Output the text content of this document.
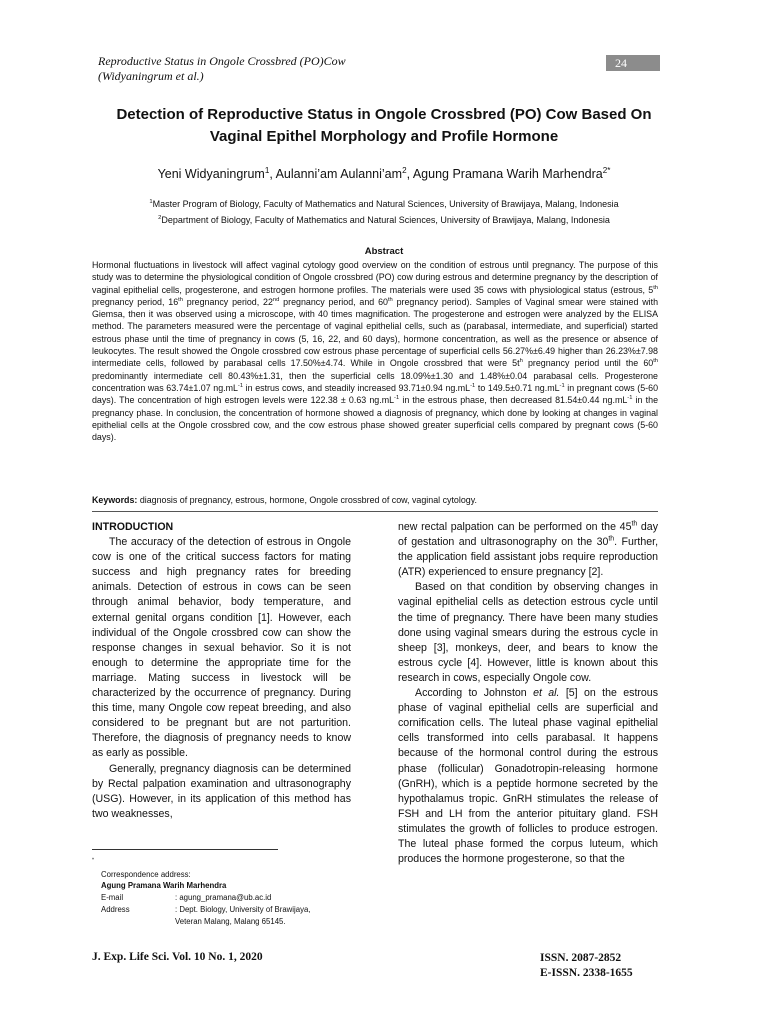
Reproductive Status in Ongole Crossbred (PO)Cow
(Widyaningrum et al.)
24
Detection of Reproductive Status in Ongole Crossbred (PO) Cow Based On
Vaginal Epithel Morphology and Profile Hormone
Yeni Widyaningrum$^1$, Aulanni’am $Aulanni’am^2$, Agung Pramana Warih Marhendra$^{2*}$
$^1$Master Program of Biology, Faculty of Mathematics and Natural Sciences, University of Brawijaya, Malang, Indonesia
$^2$Department of Biology, Faculty of Mathematics and Natural Sciences, University of Brawijaya, Malang, Indonesia
Abstract

Hormonal fluctuations in livestock will affect vaginal cytology good overview on the condition of estrous until pregnancy. The purpose of this study was to determine the physiological condition of Ongole crossbred (PO) cow during estrous and determine pregnancy by the description of vaginal epithelial cells, progesterone, and estrogen hormone profiles. The materials were used 35 cows with physiological status (estrous, 5th pregnancy period, 16th pregnancy period, 22nd pregnancy period, and 60th pregnancy period). Samples of Vaginal smear were stained with Giemsa, then it was observed using a microscope, with 40 times magnification. The progesterone and estrogen were analyzed by the ELISA method. The parameters measured were the percentage of vaginal epithelial cells, such as (parabasal, intermediate, and superficial) started estrous phase until the time of pregnancy in cows (5, 16, 22, and 60 days), hormone concentration, as well as the presence or absence of leukocytes. The result showed the Ongole crossbred cow estrous phase percentage of superficial cells 56.27%±6.49 higher than 26.23%±7.98 intermediate cells, followed by parabasal cells 17.50%±4.74. While in Ongole crossbred that were $5t^h$ pregnancy period until the 60th predominantly intermediate cell 80.43%±1.31, then the superficial cells 18.09%±1.30 and 1.48%±0.04 parabasal cells. Progesterone concentration was 63.74±1.07 $ng.mL^{-1}$ in estrus cows, and steadily increased 93.71±0.94 $ng.mL^{-1}$ to 149.5±0.71 $ng.mL^{-1}$ in pregnant cows (5-60 days). The concentration of high estrogen levels were 122.38 ± 0.63 $ng.mL^{-1}$ in the estrous phase, then decreased 81.54±0.44 $ng.mL^{-1}$ in the pregnancy phase. In conclusion, the concentration of hormone showed a diagnosis of pregnancy, which done by looking at changes in vaginal epithelial cells at the Ongole crossbred cow, and the cow estrous phase showed greater superficial cells compared by pregnant cows (5-60 days).

Keywords: diagnosis of pregnancy, estrous, hormone, Ongole crossbred of cow, vaginal cytology.

INTRODUCTION

The accuracy of the detection of estrous in Ongole cow is one of the critical success factors for mating success and high pregnancy rates for breeding animals. Detection of estrous in cows can be seen through animal behavior, body temperature, and external genital organs condition [1]. However, each individual of the Ongole crossbred cow can show the response changes in sexual behavior. So it is not enough to determine the appropriate time for the marriage. Mating success in livestock will be characterized by the occurrence of pregnancy. During this time, many Ongole cow repeat breeding, and also considered to be pregnant but are not parturition. Therefore, the diagnosis of pregnancy needs to know as early as possible.

Generally, pregnancy diagnosis can be determined by Rectal palpation examination and ultrasonography (USG). However, in its application of this method has two weaknesses,

new rectal palpation can be performed on the 45th day of gestation and ultrasonography on the 30th. Further, the application field assistant jobs require reproduction (ATR) experienced to ensure pregnancy [2].

Based on that condition by observing changes in vaginal epithelial cells as detection estrous cycle until the time of pregnancy. There have been many studies done using vaginal smears during the estrous cycle in sheep [3], monkeys, deer, and bears to know the estrous cycle [4]. However, little is known about this research in cows, especially Ongole cow.

According to Johnston et al. [5] on the estrous phase of vaginal epithelial cells are superficial and cornification cells. The luteal phase vaginal epithelial cells transformed into cells parabasal. It happens because of the hormonal control during the estrous phase (follicular) Gonadotropin-releasing hormone (GnRH), which is a peptide hormone secreted by the hypothalamus tropic. GnRH stimulates the release of FSH and LH from the anterior pituitary gland. FSH stimulates the growth of follicles to produce estrogen. The luteal phase formed the corpus luteum, which produces the hormone progesterone, so that the

*
Correspondence address:
Agung Pramana Warih Marhendra
E-mail	: agung_pramana@ub.ac.id
Address	: Dept. Biology, University of Brawijaya,
Veteran Malang, Malang 65145.
J. Exp. Life Sci. Vol. 10 No. 1, 2020	ISSN. 2087-2852
E-ISSN. 2338-1655
